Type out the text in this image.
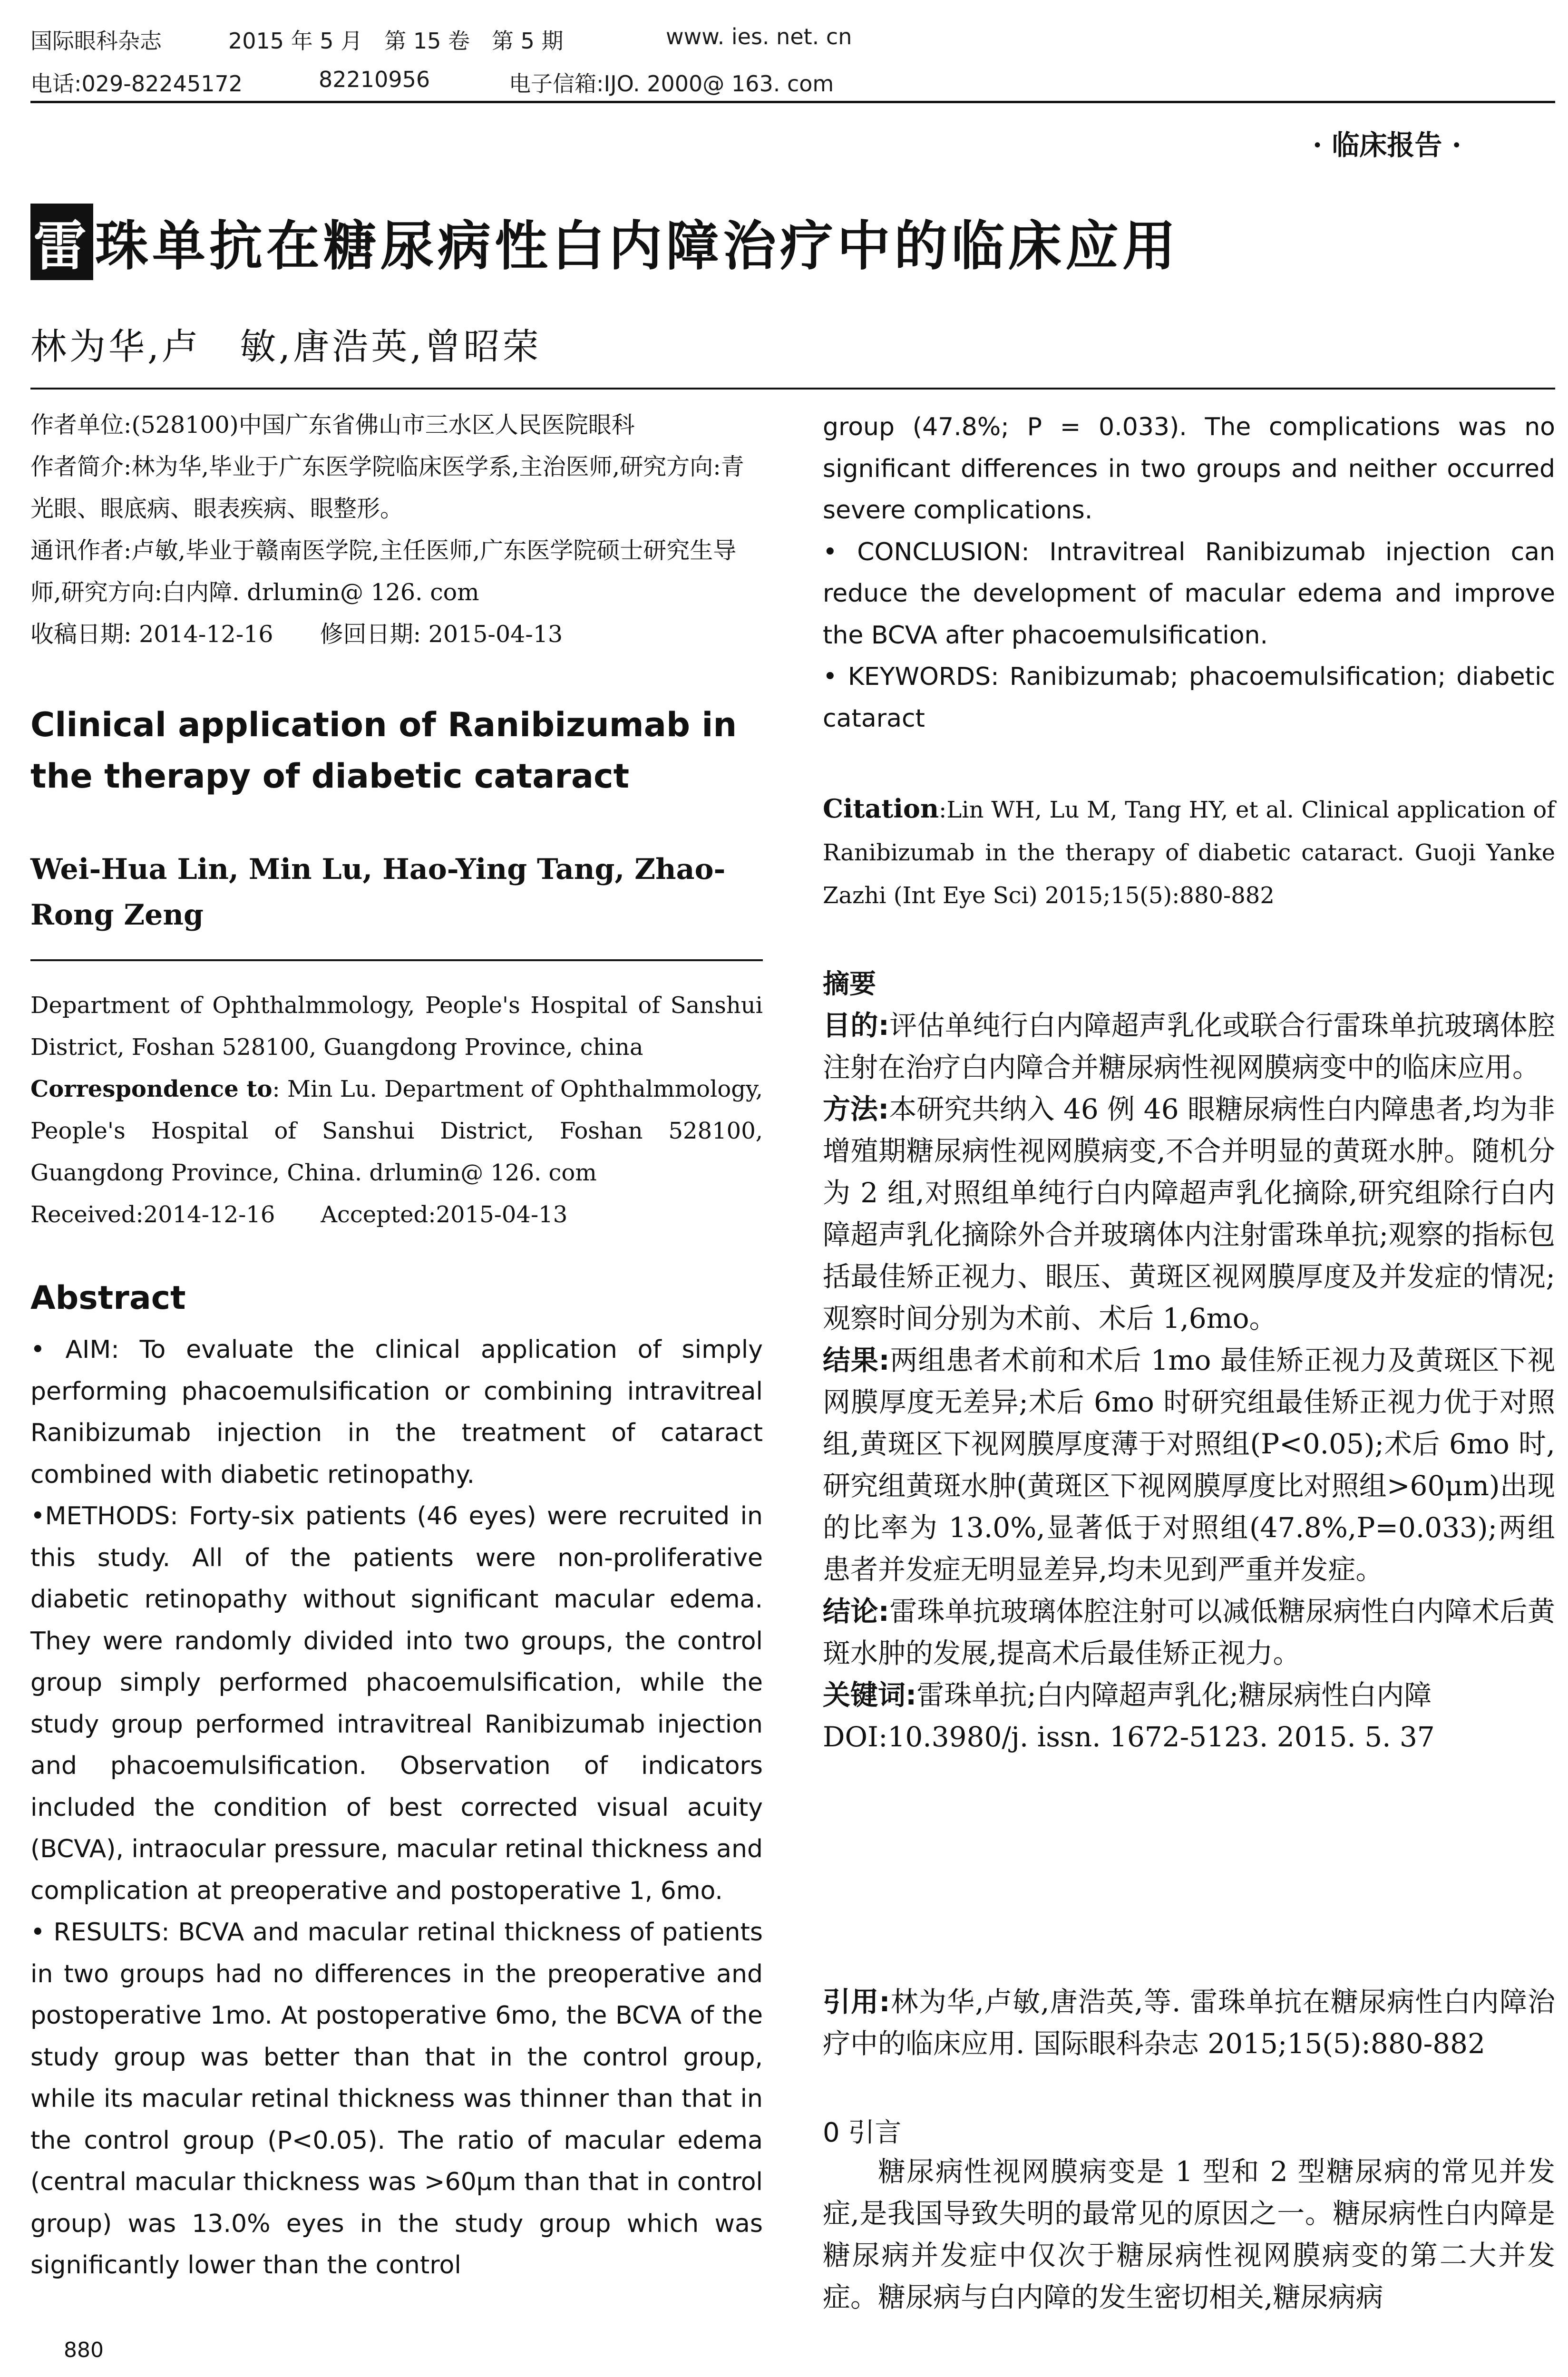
国际眼科杂志	2015 年 5 月　第 15 卷　第 5 期	www. ies. net. cn
电话:029-82245172	82210956	电子信箱:IJO. 2000@ 163. com
· 临床报告 ·
雷珠单抗在糖尿病性白内障治疗中的临床应用
林为华,卢　敏,唐浩英,曾昭荣

作者单位:(528100)中国广东省佛山市三水区人民医院眼科

作者简介:林为华,毕业于广东医学院临床医学系,主治医师,研究方向:青光眼、眼底病、眼表疾病、眼整形。

通讯作者:卢敏,毕业于赣南医学院,主任医师,广东医学院硕士研究生导师,研究方向:白内障. drlumin@ 126. com

收稿日期: 2014-12-16　　修回日期: 2015-04-13

Clinical application of Ranibizumab in the therapy of diabetic cataract
Wei-Hua Lin, Min Lu, Hao-Ying Tang, Zhao-Rong Zeng

Department of Ophthalmmology, People's Hospital of Sanshui District, Foshan 528100, Guangdong Province, china

Correspondence to: Min Lu. Department of Ophthalmmology, People's Hospital of Sanshui District, Foshan 528100, Guangdong Province, China. drlumin@ 126. com

Received:2014-12-16　　Accepted:2015-04-13

Abstract

• AIM: To evaluate the clinical application of simply performing phacoemulsification or combining intravitreal Ranibizumab injection in the treatment of cataract combined with diabetic retinopathy.

•METHODS: Forty-six patients (46 eyes) were recruited in this study. All of the patients were non-proliferative diabetic retinopathy without significant macular edema. They were randomly divided into two groups, the control group simply performed phacoemulsification, while the study group performed intravitreal Ranibizumab injection and phacoemulsification. Observation of indicators included the condition of best corrected visual acuity (BCVA), intraocular pressure, macular retinal thickness and complication at preoperative and postoperative 1, 6mo.

• RESULTS: BCVA and macular retinal thickness of patients in two groups had no differences in the preoperative and postoperative 1mo. At postoperative 6mo, the BCVA of the study group was better than that in the control group, while its macular retinal thickness was thinner than that in the control group (P<0.05). The ratio of macular edema (central macular thickness was >60μm than that in control group) was 13.0% eyes in the study group which was significantly lower than the control

880

group (47.8%; P = 0.033). The complications was no significant differences in two groups and neither occurred severe complications.

• CONCLUSION: Intravitreal Ranibizumab injection can reduce the development of macular edema and improve the BCVA after phacoemulsification.

• KEYWORDS: Ranibizumab; phacoemulsification; diabetic cataract

Citation:Lin WH, Lu M, Tang HY, et al. Clinical application of Ranibizumab in the therapy of diabetic cataract. Guoji Yanke Zazhi (Int Eye Sci) 2015;15(5):880-882

摘要

目的:评估单纯行白内障超声乳化或联合行雷珠单抗玻璃体腔注射在治疗白内障合并糖尿病性视网膜病变中的临床应用。

方法:本研究共纳入 46 例 46 眼糖尿病性白内障患者,均为非增殖期糖尿病性视网膜病变,不合并明显的黄斑水肿。随机分为 2 组,对照组单纯行白内障超声乳化摘除,研究组除行白内障超声乳化摘除外合并玻璃体内注射雷珠单抗;观察的指标包括最佳矫正视力、眼压、黄斑区视网膜厚度及并发症的情况;观察时间分别为术前、术后 1,6mo。

结果:两组患者术前和术后 1mo 最佳矫正视力及黄斑区下视网膜厚度无差异;术后 6mo 时研究组最佳矫正视力优于对照组,黄斑区下视网膜厚度薄于对照组(P<0.05);术后 6mo 时,研究组黄斑水肿(黄斑区下视网膜厚度比对照组>60μm)出现的比率为 13.0%,显著低于对照组(47.8%,P=0.033);两组患者并发症无明显差异,均未见到严重并发症。

结论:雷珠单抗玻璃体腔注射可以减低糖尿病性白内障术后黄斑水肿的发展,提高术后最佳矫正视力。

关键词:雷珠单抗;白内障超声乳化;糖尿病性白内障

DOI:10.3980/j. issn. 1672-5123. 2015. 5. 37

引用:林为华,卢敏,唐浩英,等. 雷珠单抗在糖尿病性白内障治疗中的临床应用. 国际眼科杂志 2015;15(5):880-882

0 引言

糖尿病性视网膜病变是 1 型和 2 型糖尿病的常见并发症,是我国导致失明的最常见的原因之一。糖尿病性白内障是糖尿病并发症中仅次于糖尿病性视网膜病变的第二大并发症。糖尿病与白内障的发生密切相关,糖尿病病
